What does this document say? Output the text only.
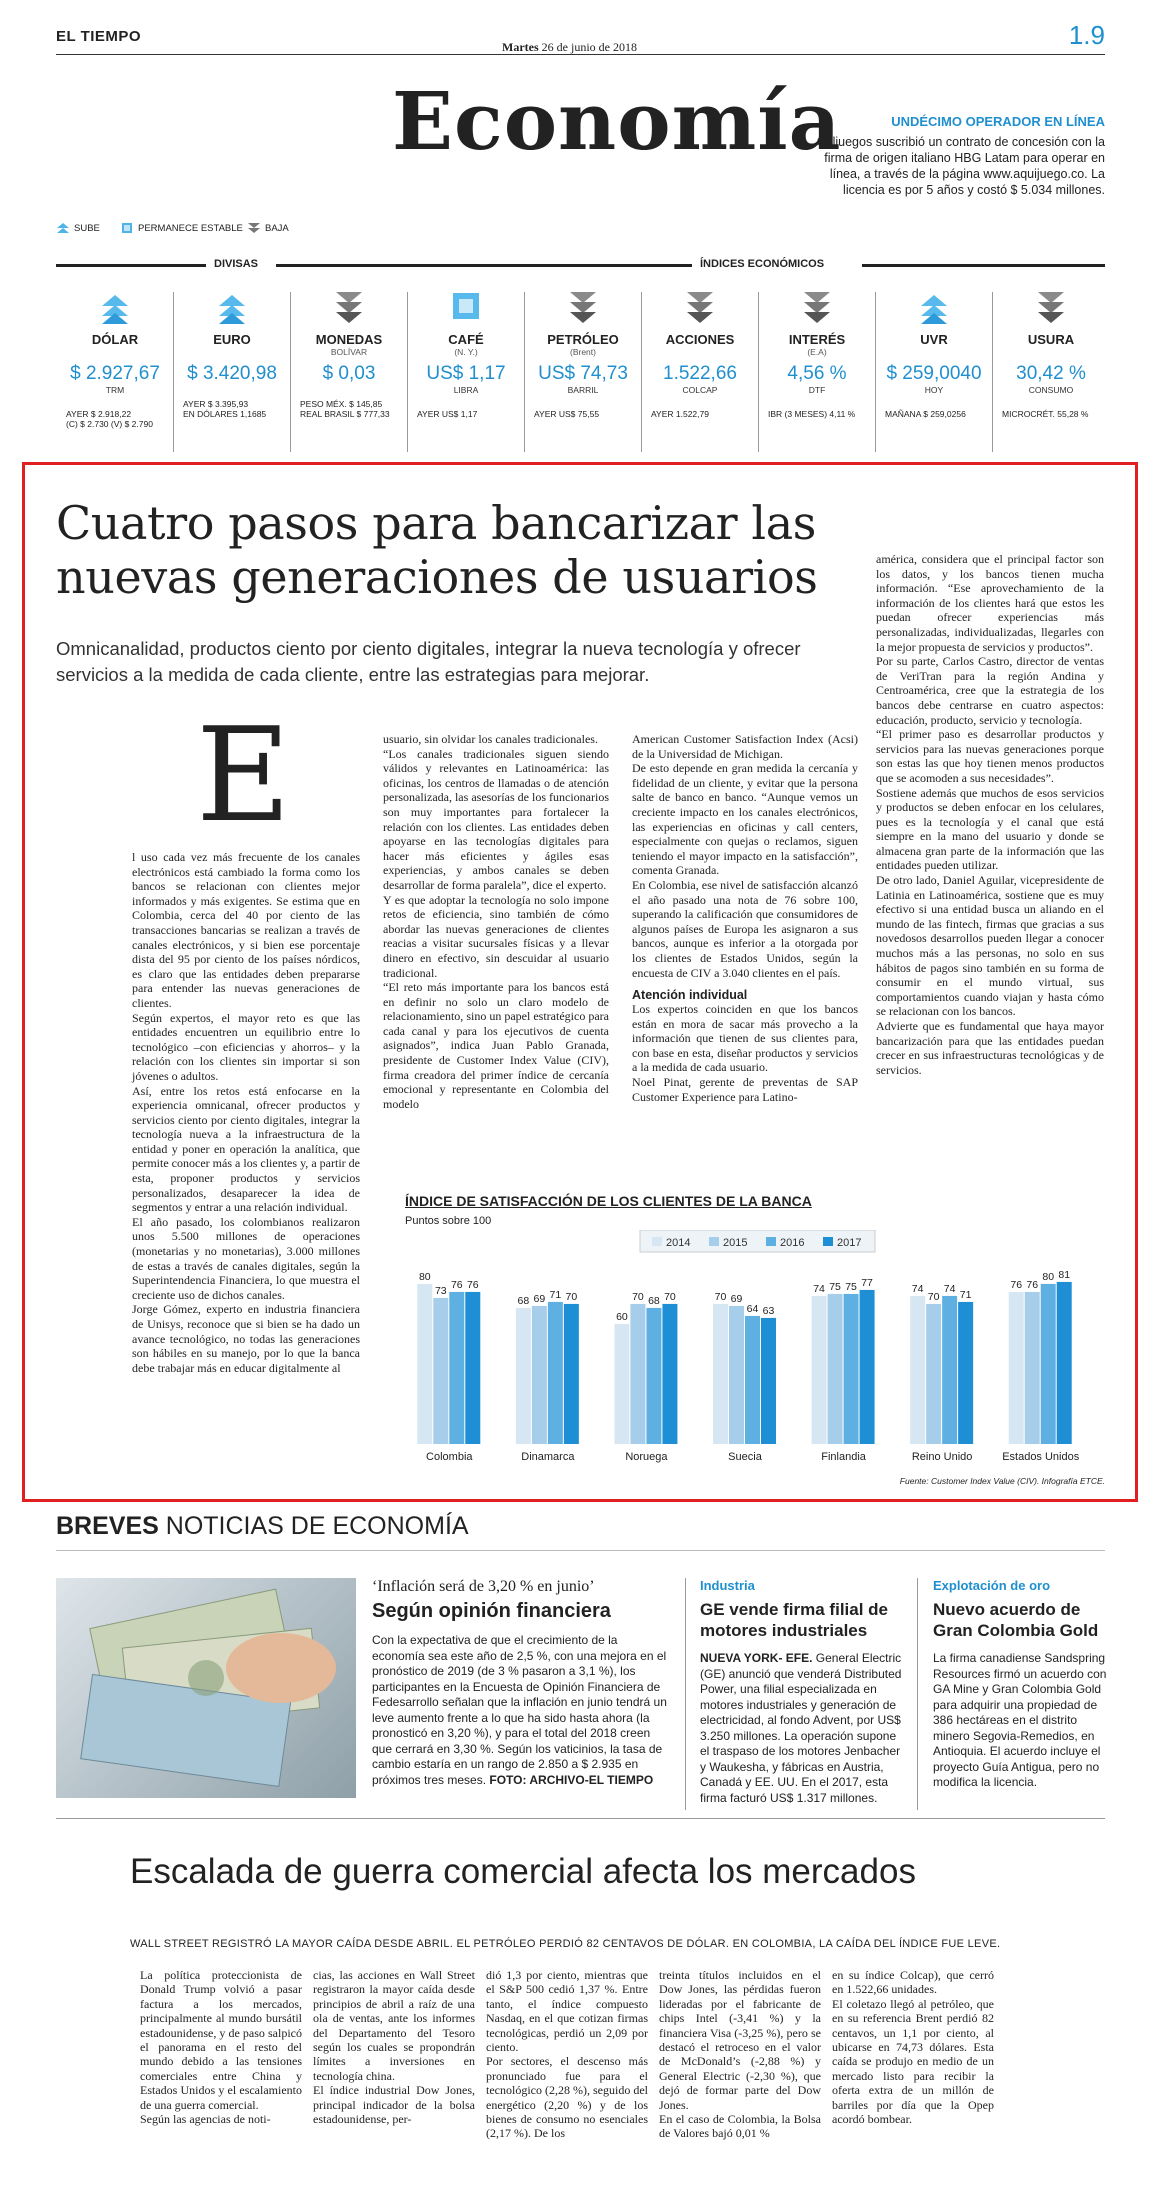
EL TIEMPO
Martes 26 de junio de 2018	1.9
Economía	UNDÉCIMO OPERADOR EN LÍNEA
Coljuegos suscribió un contrato de concesión con la firma de origen italiano HBG Latam para operar en línea, a través de la página www.aquijuego.co. La licencia es por 5 años y costó $ 5.034 millones.
SUBE	PERMANECE ESTABLE BAJA
DIVISAS	ÍNDICES ECONÓMICOS
DÓLAR
$ 2.927,67
TRM
AYER $ 2.918,22
(C) $ 2.730 (V) $ 2.790
EURO
$ 3.420,98
AYER $ 3.395,93
EN DÓLARES 1,1685
MONEDAS
BOLÍVAR
$ 0,03
PESO MÉX. $ 145,85
REAL BRASIL $ 777,33
CAFÉ
(N. Y.)
US$ 1,17
LIBRA
AYER US$ 1,17
PETRÓLEO
(Brent)
US$ 74,73
BARRIL
AYER US$ 75,55
ACCIONES
1.522,66
COLCAP
AYER 1.522,79
INTERÉS
(E.A)
4,56 %
DTF
IBR (3 MESES) 4,11 %
UVR
$ 259,0040
HOY
MAÑANA $ 259,0256
USURA
30,42 %
CONSUMO
MICROCRÉT. 55,28 %
Cuatro pasos para bancarizar las nuevas generaciones de usuarios
Omnicanalidad, productos ciento por ciento digitales, integrar la nueva tecnología y ofrecer servicios a la medida de cada cliente, entre las estrategias para mejorar.
E
l uso cada vez más frecuente de los canales electrónicos está cambiado la forma como los bancos se relacionan con clientes mejor informados y más exigentes. Se estima que en Colombia, cerca del 40 por ciento de las transacciones bancarias se realizan a través de canales electrónicos, y si bien ese porcentaje dista del 95 por ciento de los países nórdicos, es claro que las entidades deben prepararse para entender las nuevas generaciones de clientes.
Según expertos, el mayor reto es que las entidades encuentren un equilibrio entre lo tecnológico –con eficiencias y ahorros– y la relación con los clientes sin importar si son jóvenes o adultos.
Así, entre los retos está enfocarse en la experiencia omnicanal, ofrecer productos y servicios ciento por ciento digitales, integrar la tecnología nueva a la infraestructura de la entidad y poner en operación la analítica, que permite conocer más a los clientes y, a partir de esta, proponer productos y servicios personalizados, desaparecer la idea de segmentos y entrar a una relación individual.
El año pasado, los colombianos realizaron unos 5.500 millones de operaciones (monetarias y no monetarias), 3.000 millones de estas a través de canales digitales, según la Superintendencia Financiera, lo que muestra el creciente uso de dichos canales.
Jorge Gómez, experto en industria financiera de Unisys, reconoce que si bien se ha dado un avance tecnológico, no todas las generaciones son hábiles en su manejo, por lo que la banca debe trabajar más en educar digitalmente al
usuario, sin olvidar los canales tradicionales.
“Los canales tradicionales siguen siendo válidos y relevantes en Latinoamérica: las oficinas, los centros de llamadas o de atención personalizada, las asesorías de los funcionarios son muy importantes para fortalecer la relación con los clientes. Las entidades deben apoyarse en las tecnologías digitales para hacer más eficientes y ágiles esas experiencias, y ambos canales se deben desarrollar de forma paralela”, dice el experto.
Y es que adoptar la tecnología no solo impone retos de eficiencia, sino también de cómo abordar las nuevas generaciones de clientes reacias a visitar sucursales físicas y a llevar dinero en efectivo, sin descuidar al usuario tradicional.
“El reto más importante para los bancos está en definir no solo un claro modelo de relacionamiento, sino un papel estratégico para cada canal y para los ejecutivos de cuenta asignados”, indica Juan Pablo Granada, presidente de Customer Index Value (CIV), firma creadora del primer índice de cercanía emocional y representante en Colombia del modelo
American Customer Satisfaction Index (Acsi) de la Universidad de Michigan.
De esto depende en gran medida la cercanía y fidelidad de un cliente, y evitar que la persona salte de banco en banco. “Aunque vemos un creciente impacto en los canales electrónicos, las experiencias en oficinas y call centers, especialmente con quejas o reclamos, siguen teniendo el mayor impacto en la satisfacción”, comenta Granada.
En Colombia, ese nivel de satisfacción alcanzó el año pasado una nota de 76 sobre 100, superando la calificación que consumidores de algunos países de Europa les asignaron a sus bancos, aunque es inferior a la otorgada por los clientes de Estados Unidos, según la encuesta de CIV a 3.040 clientes en el país.
Atención individual
Los expertos coinciden en que los bancos están en mora de sacar más provecho a la información que tienen de sus clientes para, con base en esta, diseñar productos y servicios a la medida de cada usuario.
Noel Pinat, gerente de preventas de SAP Customer Experience para Latino-
américa, considera que el principal factor son los datos, y los bancos tienen mucha información. “Ese aprovechamiento de la información de los clientes hará que estos les puedan ofrecer experiencias más personalizadas, individualizadas, llegarles con la mejor propuesta de servicios y productos”.
Por su parte, Carlos Castro, director de ventas de VeriTran para la región Andina y Centroamérica, cree que la estrategia de los bancos debe centrarse en cuatro aspectos: educación, producto, servicio y tecnología.
“El primer paso es desarrollar productos y servicios para las nuevas generaciones porque son estas las que hoy tienen menos productos que se acomoden a sus necesidades”.
Sostiene además que muchos de esos servicios y productos se deben enfocar en los celulares, pues es la tecnología y el canal que está siempre en la mano del usuario y donde se almacena gran parte de la información que las entidades pueden utilizar.
De otro lado, Daniel Aguilar, vicepresidente de Latinia en Latinoamérica, sostiene que es muy efectivo si una entidad busca un aliando en el mundo de las fintech, firmas que gracias a sus novedosos desarrollos pueden llegar a conocer muchos más a las personas, no solo en sus hábitos de pagos sino también en su forma de consumir en el mundo virtual, sus comportamientos cuando viajan y hasta cómo se relacionan con los bancos.
Advierte que es fundamental que haya mayor bancarización para que las entidades puedan crecer en sus infraestructuras tecnológicas y de servicios.
ÍNDICE DE SATISFACCIÓN DE LOS CLIENTES DE LA BANCA
Puntos sobre 100
2014	2015	2016	2017
80
73
76 76
Colombia
68 69 71 70
Dinamarca
60
70 68 70
Noruega
70 69
64 63
Suecia
74 75 75 77
Finlandia
74
70
74
71
Reino Unido
76 76
80 81
Estados Unidos
Fuente: Customer Index Value (CIV). Infografía ETCE.
BREVES NOTICIAS DE ECONOMÍA
‘Inflación será de 3,20 % en junio’
Según opinión financiera
Con la expectativa de que el crecimiento de la economía sea este año de 2,5 %, con una mejora en el pronóstico de 2019 (de 3 % pasaron a 3,1 %), los participantes en la Encuesta de Opinión Financiera de Fedesarrollo señalan que la inflación en junio tendrá un leve aumento frente a lo que ha sido hasta ahora (la pronosticó en 3,20 %), y para el total del 2018 creen que cerrará en 3,30 %. Según los vaticinios, la tasa de cambio estaría en un rango de 2.850 a $ 2.935 en próximos tres meses. FOTO: ARCHIVO-EL TIEMPO
Industria
GE vende firma filial de motores industriales
NUEVA YORK- EFE. General Electric (GE) anunció que venderá Distributed Power, una filial especializada en motores industriales y generación de electricidad, al fondo Advent, por US$ 3.250 millones. La operación supone el traspaso de los motores Jenbacher y Waukesha, y fábricas en Austria, Canadá y EE. UU. En el 2017, esta firma facturó US$ 1.317 millones.
Explotación de oro
Nuevo acuerdo de Gran Colombia Gold
La firma canadiense Sandspring Resources firmó un acuerdo con GA Mine y Gran Colombia Gold para adquirir una propiedad de 386 hectáreas en el distrito minero Segovia-Remedios, en Antioquia. El acuerdo incluye el proyecto Guía Antigua, pero no modifica la licencia.
Escalada de guerra comercial afecta los mercados
WALL STREET REGISTRÓ LA MAYOR CAÍDA DESDE ABRIL. EL PETRÓLEO PERDIÓ 82 CENTAVOS DE DÓLAR. EN COLOMBIA, LA CAÍDA DEL ÍNDICE FUE LEVE.
La política proteccionista de Donald Trump volvió a pasar factura a los mercados, principalmente al mundo bursátil estadounidense, y de paso salpicó el panorama en el resto del mundo debido a las tensiones comerciales entre China y Estados Unidos y el escalamiento de una guerra comercial.
Según las agencias de noti-
cias, las acciones en Wall Street registraron la mayor caída desde principios de abril a raíz de una ola de ventas, ante los informes del Departamento del Tesoro según los cuales se propondrán límites a inversiones en tecnología china.
El índice industrial Dow Jones, principal indicador de la bolsa estadounidense, per-
dió 1,3 por ciento, mientras que el S&P 500 cedió 1,37 %. Entre tanto, el índice compuesto Nasdaq, en el que cotizan firmas tecnológicas, perdió un 2,09 por ciento.
Por sectores, el descenso más pronunciado fue para el tecnológico (2,28 %), seguido del energético (2,20 %) y de los bienes de consumo no esenciales (2,17 %). De los
treinta títulos incluidos en el Dow Jones, las pérdidas fueron lideradas por el fabricante de chips Intel (-3,41 %) y la financiera Visa (-3,25 %), pero se destacó el retroceso en el valor de McDonald’s (-2,88 %) y General Electric (-2,30 %), que dejó de formar parte del Dow Jones.
En el caso de Colombia, la Bolsa de Valores bajó 0,01 %
en su índice Colcap), que cerró en 1.522,66 unidades.
El coletazo llegó al petróleo, que en su referencia Brent perdió 82 centavos, un 1,1 por ciento, al ubicarse en 74,73 dólares. Esta caída se produjo en medio de un mercado listo para recibir la oferta extra de un millón de barriles por día que la Opep acordó bombear.
